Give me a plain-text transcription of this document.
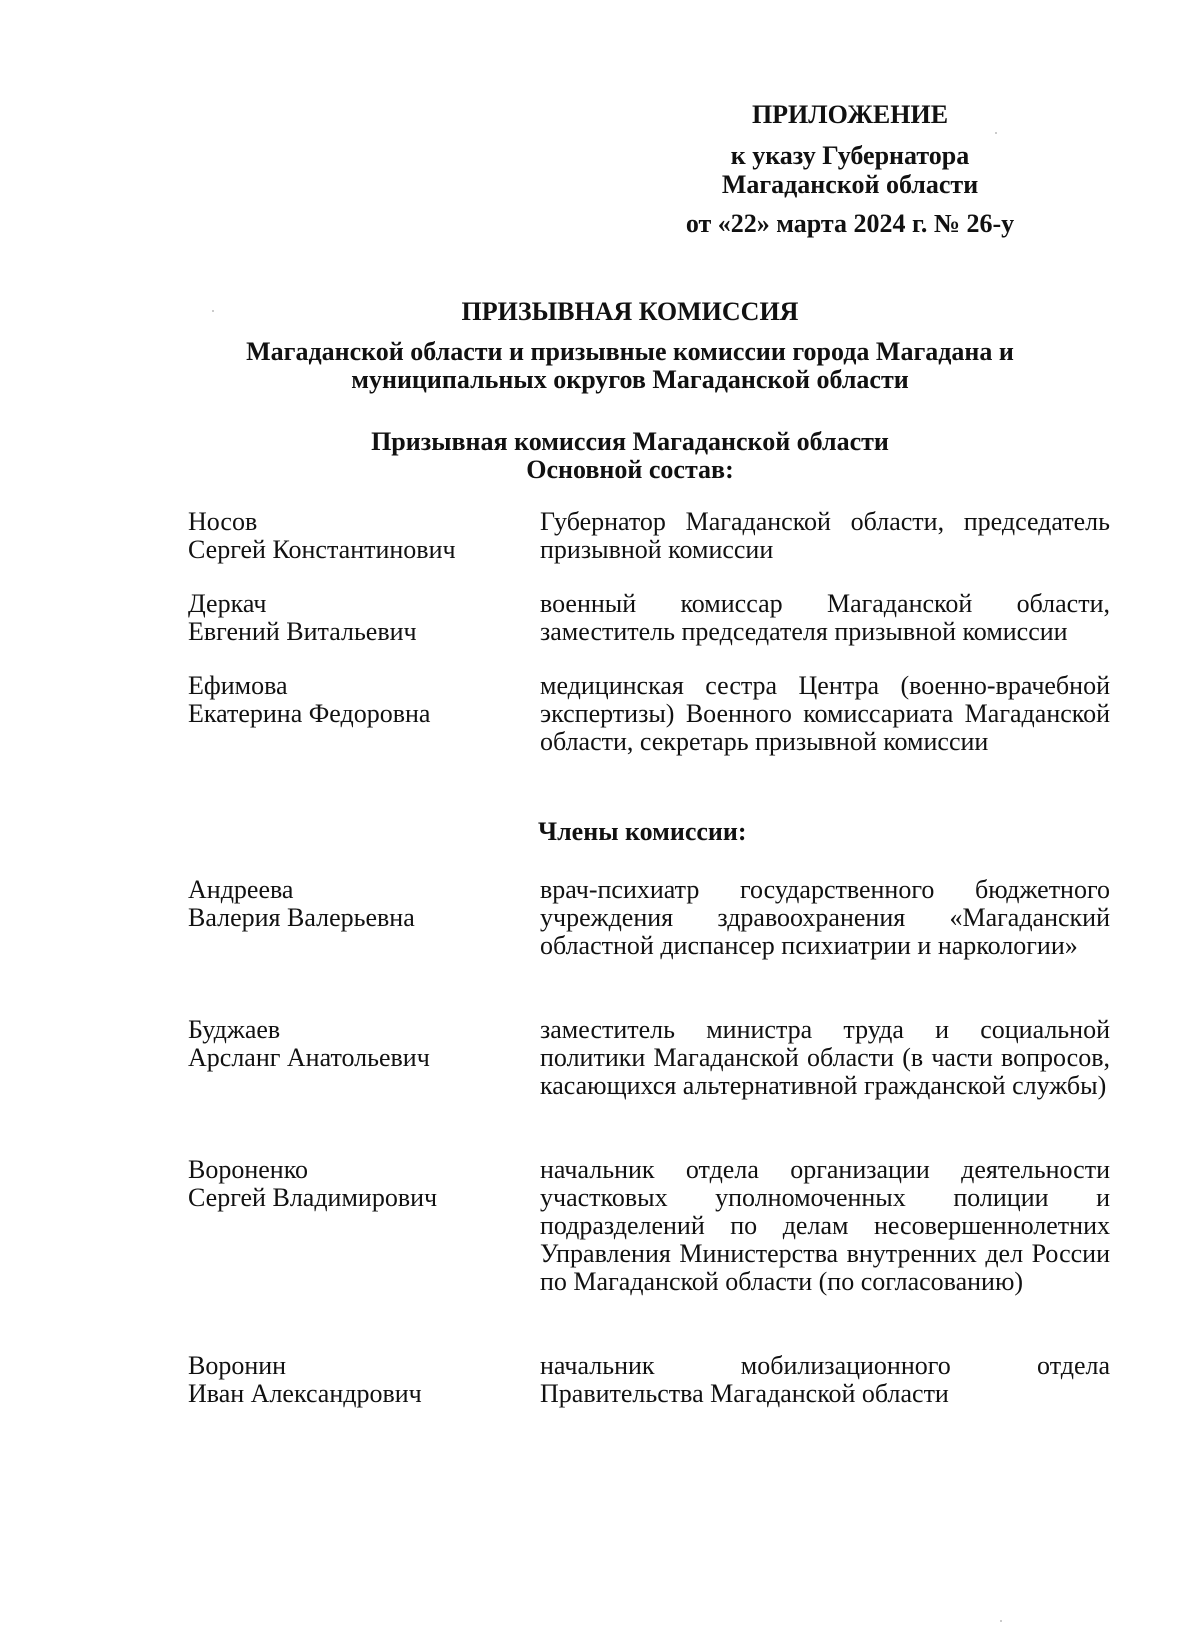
ПРИЛОЖЕНИЕ
к указу Губернатора
Магаданской области
от «22» марта 2024 г. № 26-у
ПРИЗЫВНАЯ КОМИССИЯ
Магаданской области и призывные комиссии города Магадана и
муниципальных округов Магаданской области
Призывная комиссия Магаданской области
Основной состав:
Носов
Сергей Константинович
Губернатор Магаданской области, председатель призывной комиссии
Деркач
Евгений Витальевич
военный комиссар Магаданской области, заместитель председателя призывной комиссии
Ефимова
Екатерина Федоровна
медицинская сестра Центра (военно-врачебной экспертизы) Военного комиссариата Магаданской области, секретарь призывной комиссии
Члены комиссии:
Андреева
Валерия Валерьевна
врач-психиатр государственного бюджетного учреждения здравоохранения «Магаданский областной диспансер психиатрии и наркологии»
Буджаев
Арсланг Анатольевич
заместитель министра труда и социальной политики Магаданской области (в части вопросов, касающихся альтернативной гражданской службы)
Вороненко
Сергей Владимирович
начальник отдела организации деятельности участковых уполномоченных полиции и подразделений по делам несовершеннолетних Управления Министерства внутренних дел России по Магаданской области (по согласованию)
Воронин
Иван Александрович
начальник мобилизационного отдела Правительства Магаданской области
